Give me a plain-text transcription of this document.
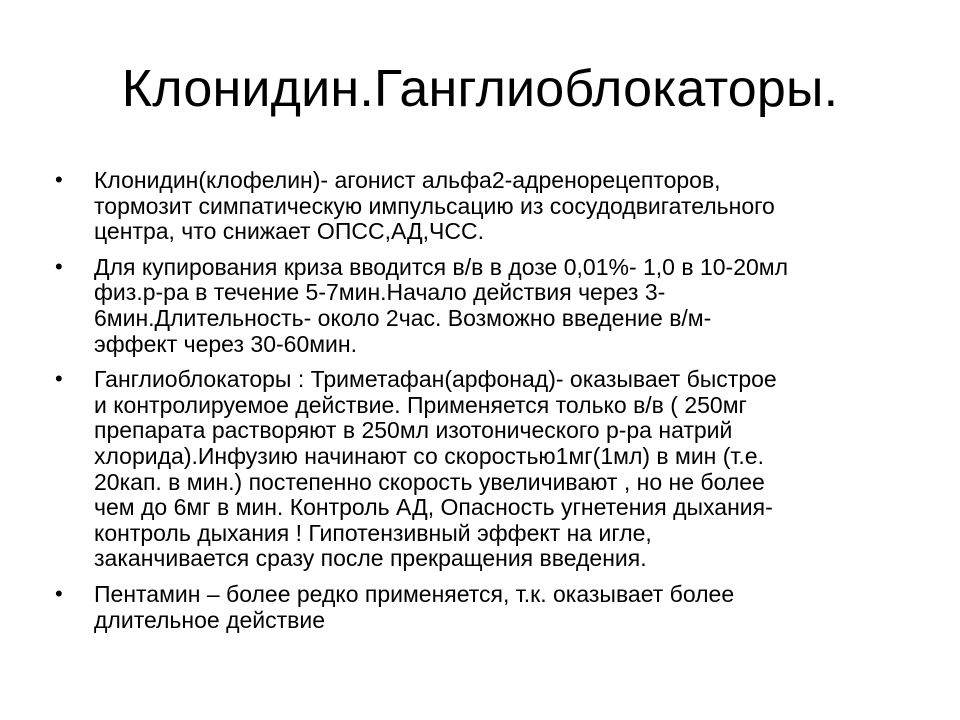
Клонидин.Ганглиоблокаторы.
• Клонидин(клофелин)- агонист альфа2-адренорецепторов,
тормозит симпатическую импульсацию из сосудодвигательного
центра, что снижает ОПСС,АД,ЧСС.
• Для купирования криза вводится в/в в дозе 0,01%- 1,0 в 10-20мл
физ.р-ра в течение 5-7мин.Начало действия через 3-
6мин.Длительность- около 2час. Возможно введение в/м-
эффект через 30-60мин.
• Ганглиоблокаторы : Триметафан(арфонад)- оказывает быстрое
и контролируемое действие. Применяется только в/в ( 250мг
препарата растворяют в 250мл изотонического р-ра натрий
хлорида).Инфузию начинают со скоростью1мг(1мл) в мин (т.е.
20кап. в мин.) постепенно скорость увеличивают , но не более
чем до 6мг в мин. Контроль АД, Опасность угнетения дыхания-
контроль дыхания ! Гипотензивный эффект на игле,
заканчивается сразу после прекращения введения.
• Пентамин – более редко применяется, т.к. оказывает более
длительное действие
